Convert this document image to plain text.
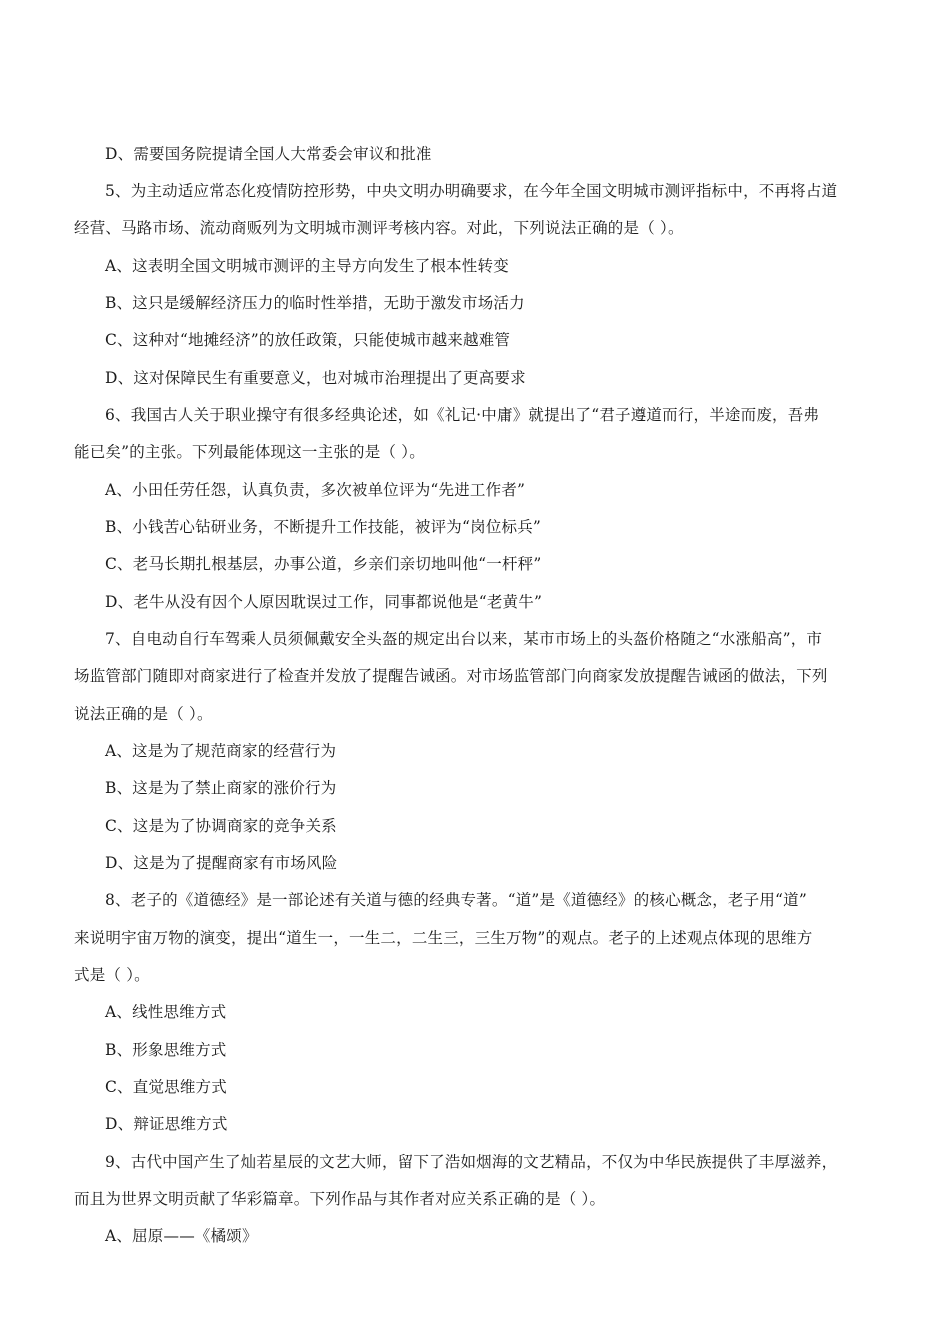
D、需要国务院提请全国人大常委会审议和批准
5、为主动适应常态化疫情防控形势，中央文明办明确要求，在今年全国文明城市测评指标中，不再将占道
经营、马路市场、流动商贩列为文明城市测评考核内容。对此，下列说法正确的是（ ）。
A、这表明全国文明城市测评的主导方向发生了根本性转变
B、这只是缓解经济压力的临时性举措，无助于激发市场活力
C、这种对“地摊经济”的放任政策，只能使城市越来越难管
D、这对保障民生有重要意义，也对城市治理提出了更高要求
6、我国古人关于职业操守有很多经典论述，如《礼记·中庸》就提出了“君子遵道而行，半途而废，吾弗
能已矣”的主张。下列最能体现这一主张的是（ ）。
A、小田任劳任怨，认真负责，多次被单位评为“先进工作者”
B、小钱苦心钻研业务，不断提升工作技能，被评为“岗位标兵”
C、老马长期扎根基层，办事公道，乡亲们亲切地叫他“一杆秤”
D、老牛从没有因个人原因耽误过工作，同事都说他是“老黄牛”
7、自电动自行车驾乘人员须佩戴安全头盔的规定出台以来，某市市场上的头盔价格随之“水涨船高”，市
场监管部门随即对商家进行了检查并发放了提醒告诫函。对市场监管部门向商家发放提醒告诫函的做法，下列
说法正确的是（ ）。
A、这是为了规范商家的经营行为
B、这是为了禁止商家的涨价行为
C、这是为了协调商家的竞争关系
D、这是为了提醒商家有市场风险
8、老子的《道德经》是一部论述有关道与德的经典专著。“道”是《道德经》的核心概念，老子用“道”
来说明宇宙万物的演变，提出“道生一，一生二，二生三，三生万物”的观点。老子的上述观点体现的思维方
式是（ ）。
A、线性思维方式
B、形象思维方式
C、直觉思维方式
D、辩证思维方式
9、古代中国产生了灿若星辰的文艺大师，留下了浩如烟海的文艺精品，不仅为中华民族提供了丰厚滋养，
而且为世界文明贡献了华彩篇章。下列作品与其作者对应关系正确的是（ ）。
A、屈原——《橘颂》
